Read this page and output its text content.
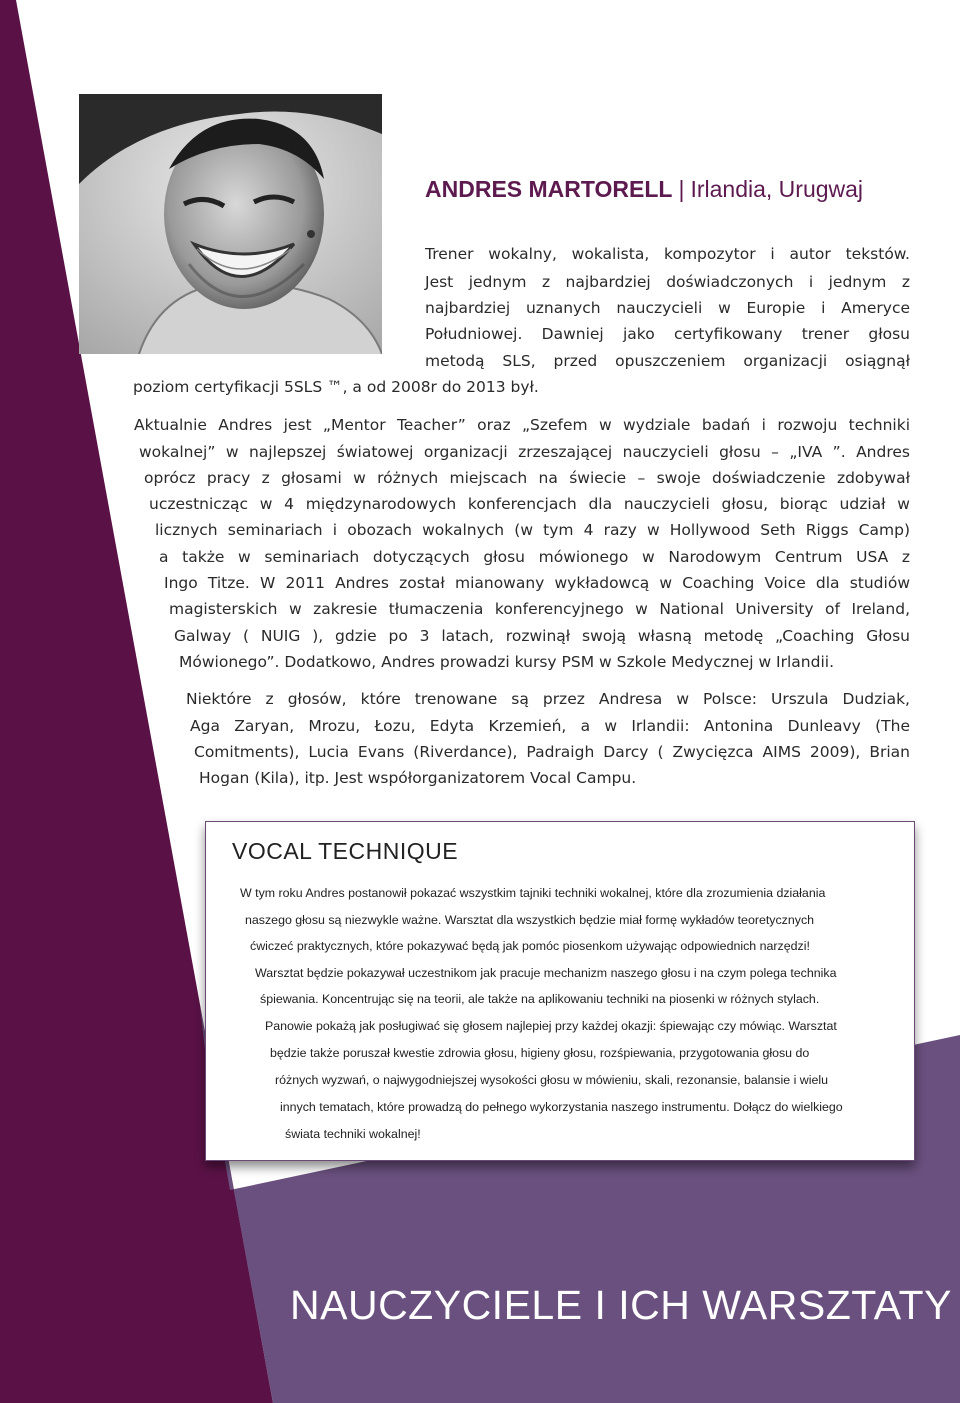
ANDRES MARTORELL | Irlandia, Urugwaj
Trener wokalny, wokalista, kompozytor i autor tekstów.
Jest jednym z najbardziej doświadczonych i jednym z
najbardziej uznanych nauczycieli w Europie i Ameryce
Południowej. Dawniej jako certyfikowany trener głosu
metodą SLS, przed opuszczeniem organizacji osiągnął
poziom certyfikacji 5SLS ™, a od 2008r do 2013 był.
Aktualnie Andres jest „Mentor Teacher” oraz „Szefem w wydziale badań i rozwoju techniki
wokalnej” w najlepszej światowej organizacji zrzeszającej nauczycieli głosu – „IVA ”. Andres
oprócz pracy z głosami w różnych miejscach na świecie – swoje doświadczenie zdobywał
uczestnicząc w 4 międzynarodowych konferencjach dla nauczycieli głosu, biorąc udział w
licznych seminariach i obozach wokalnych (w tym 4 razy w Hollywood Seth Riggs Camp)
a także w seminariach dotyczących głosu mówionego w Narodowym Centrum USA z
Ingo Titze. W 2011 Andres został mianowany wykładowcą w Coaching Voice dla studiów
magisterskich w zakresie tłumaczenia konferencyjnego w National University of Ireland,
Galway ( NUIG ), gdzie po 3 latach, rozwinął swoją własną metodę „Coaching Głosu
Mówionego”. Dodatkowo, Andres prowadzi kursy PSM w Szkole Medycznej w Irlandii.
Niektóre z głosów, które trenowane są przez Andresa w Polsce: Urszula Dudziak,
Aga Zaryan, Mrozu, Łozu, Edyta Krzemień, a w Irlandii: Antonina Dunleavy (The
Comitments), Lucia Evans (Riverdance), Padraigh Darcy ( Zwycięzca AIMS 2009), Brian
Hogan (Kila), itp. Jest współorganizatorem Vocal Campu.
VOCAL TECHNIQUE
W tym roku Andres postanowił pokazać wszystkim tajniki techniki wokalnej, które dla zrozumienia działania
naszego głosu są niezwykle ważne. Warsztat dla wszystkich będzie miał formę wykładów teoretycznych
ćwiczeć praktycznych, które pokazywać będą jak pomóc piosenkom używając odpowiednich narzędzi!
Warsztat będzie pokazywał uczestnikom jak pracuje mechanizm naszego głosu i na czym polega technika
śpiewania. Koncentrując się na teorii, ale także na aplikowaniu techniki na piosenki w różnych stylach.
Panowie pokażą jak posługiwać się głosem najlepiej przy każdej okazji: śpiewając czy mówiąc. Warsztat
będzie także poruszał kwestie zdrowia głosu, higieny głosu, rozśpiewania, przygotowania głosu do
różnych wyzwań, o najwygodniejszej wysokości głosu w mówieniu, skali, rezonansie, balansie i wielu
innych tematach, które prowadzą do pełnego wykorzystania naszego instrumentu. Dołącz do wielkiego
świata techniki wokalnej!
NAUCZYCIELE I ICH WARSZTATY
